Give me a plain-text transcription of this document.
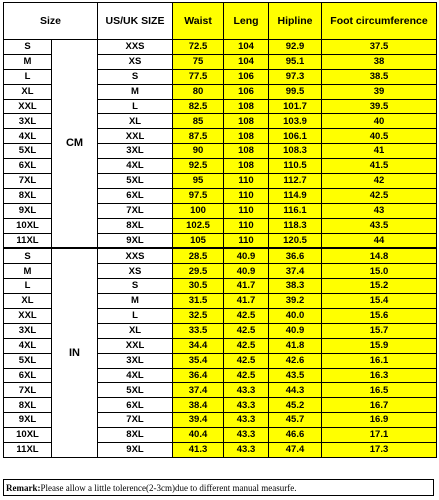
Size		US/UK SIZE	Waist	Leng	Hipline	Foot circumference
S	CM	XXS	72.5	104	92.9	37.5
M		XS	75	104	95.1	38
L		S	77.5	106	97.3	38.5
XL		M	80	106	99.5	39
XXL		L	82.5	108	101.7	39.5
3XL		XL	85	108	103.9	40
4XL		XXL	87.5	108	106.1	40.5
5XL		3XL	90	108	108.3	41
6XL		4XL	92.5	108	110.5	41.5
7XL		5XL	95	110	112.7	42
8XL		6XL	97.5	110	114.9	42.5
9XL		7XL	100	110	116.1	43
10XL		8XL	102.5	110	118.3	43.5
11XL		9XL	105	110	120.5	44
S	IN	XXS	28.5	40.9	36.6	14.8
M		XS	29.5	40.9	37.4	15.0
L		S	30.5	41.7	38.3	15.2
XL		M	31.5	41.7	39.2	15.4
XXL		L	32.5	42.5	40.0	15.6
3XL		XL	33.5	42.5	40.9	15.7
4XL		XXL	34.4	42.5	41.8	15.9
5XL		3XL	35.4	42.5	42.6	16.1
6XL		4XL	36.4	42.5	43.5	16.3
7XL		5XL	37.4	43.3	44.3	16.5
8XL		6XL	38.4	43.3	45.2	16.7
9XL		7XL	39.4	43.3	45.7	16.9
10XL		8XL	40.4	43.3	46.6	17.1
11XL		9XL	41.3	43.3	47.4	17.3
Remark:Please allow a little tolerence(2-3cm)due to different manual measurfe.
